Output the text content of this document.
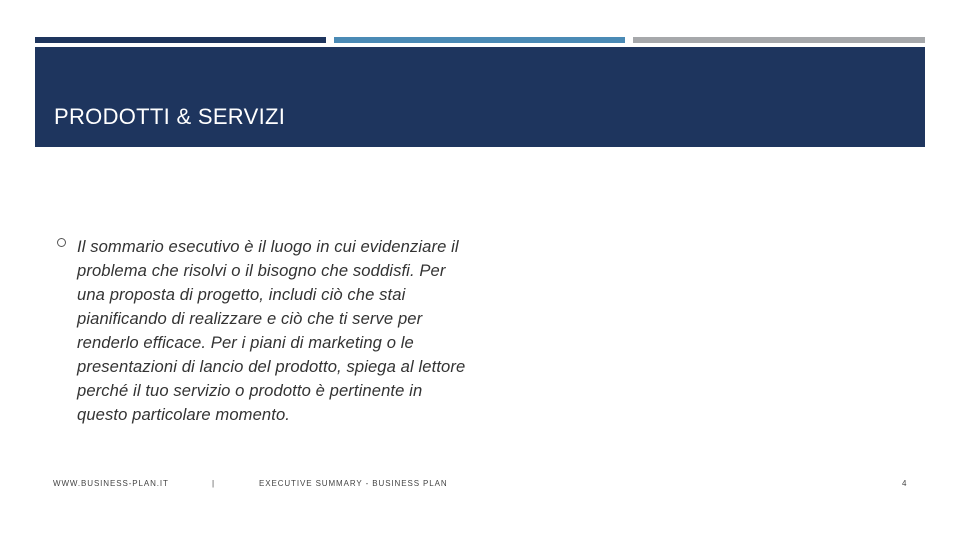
PRODOTTI & SERVIZI
Il sommario esecutivo è il luogo in cui evidenziare il problema che risolvi o il bisogno che soddisfi. Per una proposta di progetto, includi ciò che stai pianificando di realizzare e ciò che ti serve per renderlo efficace. Per i piani di marketing o le presentazioni di lancio del prodotto, spiega al lettore perché il tuo servizio o prodotto è pertinente in questo particolare momento.
WWW.BUSINESS-PLAN.IT	|	EXECUTIVE SUMMARY - BUSINESS PLAN	4
